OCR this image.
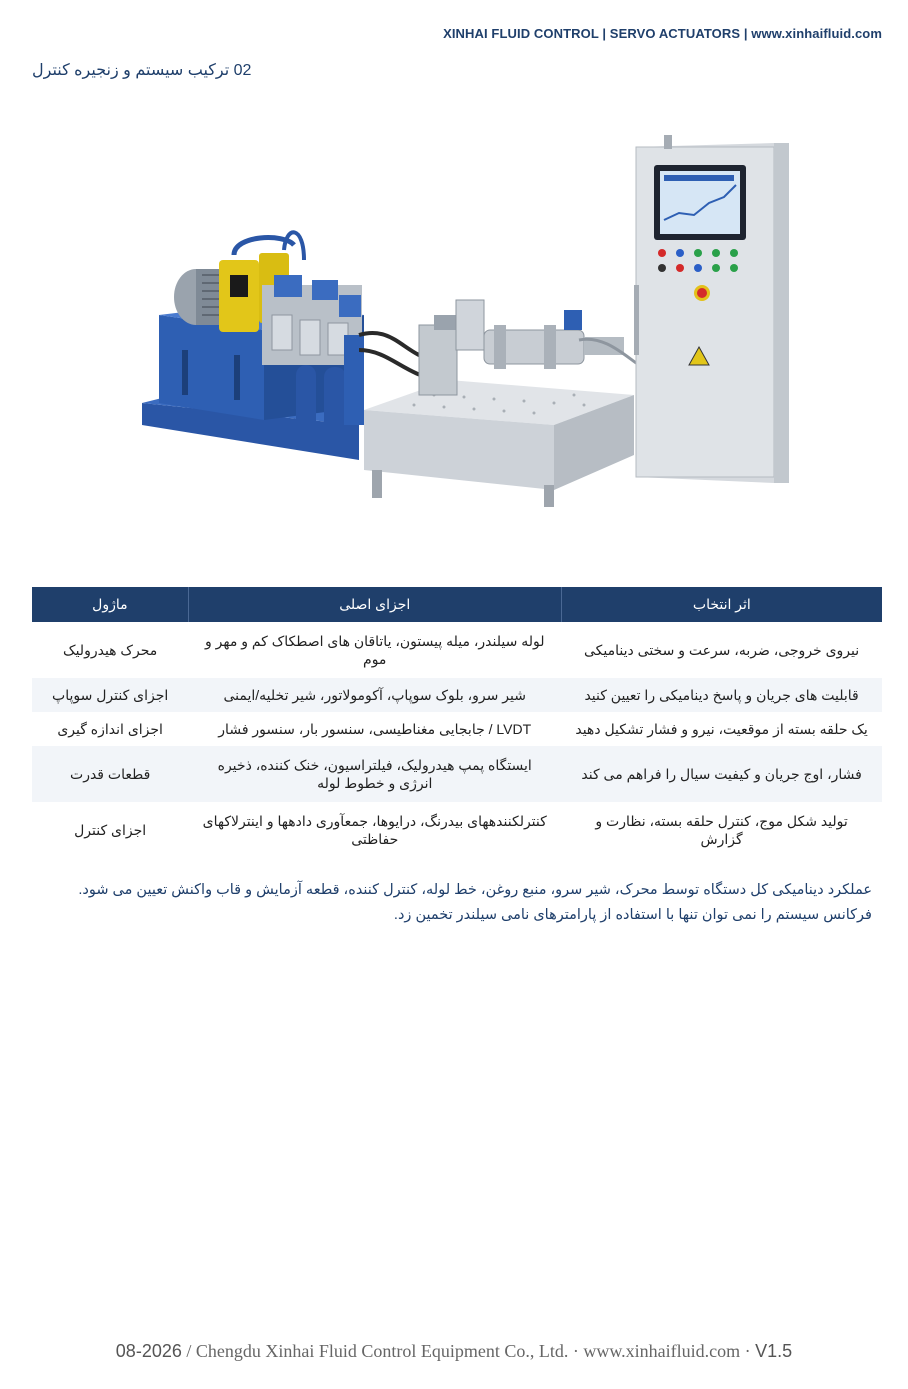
XINHAI FLUID CONTROL | SERVO ACTUATORS | www.xinhaifluid.com
02 ترکیب سیستم و زنجیره کنترل
اثر انتخاب	اجزای اصلی	ماژول
نیروی خروجی، ضربه، سرعت و سختی دینامیکی	لوله سیلندر، میله پیستون، یاتاقان های اصطکاک کم و مهر و موم	محرک هیدرولیک
قابلیت های جریان و پاسخ دینامیکی را تعیین کنید	شیر سرو، بلوک سوپاپ، آکومولاتور، شیر تخلیه/ایمنی	اجزای کنترل سوپاپ
یک حلقه بسته از موقعیت، نیرو و فشار تشکیل دهید	LVDT / جابجایی مغناطیسی، سنسور بار، سنسور فشار	اجزای اندازه گیری
فشار، اوج جریان و کیفیت سیال را فراهم می کند	ایستگاه پمپ هیدرولیک، فیلتراسیون، خنک کننده، ذخیره انرژی و خطوط لوله	قطعات قدرت
تولید شکل موج، کنترل حلقه بسته، نظارت و گزارش	کنترلکنندههای بیدرنگ، درایوها، جمعآوری دادهها و اینترلاکهای حفاظتی	اجزای کنترل
عملکرد دینامیکی کل دستگاه توسط محرک، شیر سرو، منبع روغن، خط لوله، کنترل کننده، قطعه آزمایش و قاب واکنش تعیین می شود. فرکانس سیستم را نمی توان تنها با استفاده از پارامترهای نامی سیلندر تخمین زد.
08-2026 / Chengdu Xinhai Fluid Control Equipment Co., Ltd. · www.xinhaifluid.com · V1.5
